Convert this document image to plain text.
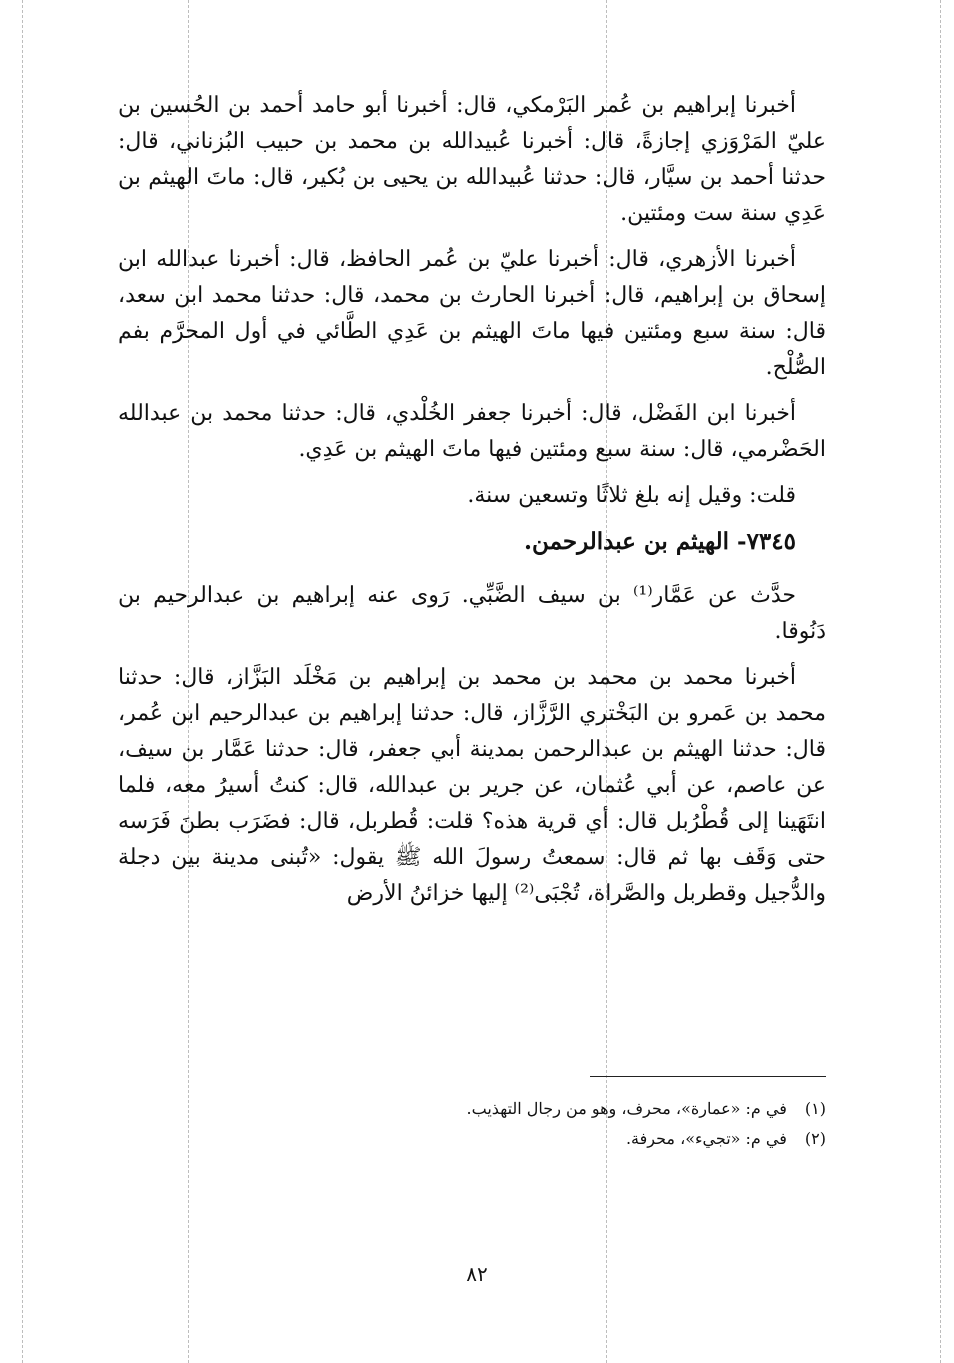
أخبرنا إبراهيم بن عُمر البَرْمكي، قال: أخبرنا أبو حامد أحمد بن الحُسين بن عليّ المَرْوَزي إجازةً، قال: أخبرنا عُبيدالله بن محمد بن حبيب البُزناني، قال: حدثنا أحمد بن سيَّار، قال: حدثنا عُبيدالله بن يحيى بن بُكير، قال: ماتَ الهيثم بن عَدِي سنة ست ومئتين.

أخبرنا الأزهري، قال: أخبرنا عليّ بن عُمر الحافظ، قال: أخبرنا عبدالله ابن إسحاق بن إبراهيم، قال: أخبرنا الحارث بن محمد، قال: حدثنا محمد ابن سعد، قال: سنة سبع ومئتين فيها ماتَ الهيثم بن عَدِي الطَّائي في أول المحرَّم بفم الصُّلْح.

أخبرنا ابن الفَضْل، قال: أخبرنا جعفر الخُلْدي، قال: حدثنا محمد بن عبدالله الحَضْرمي، قال: سنة سبع ومئتين فيها ماتَ الهيثم بن عَدِي.

قلت: وقيل إنه بلغ ثلاثًا وتسعين سنة.

٧٣٤٥- الهيثم بن عبدالرحمن.

حدَّث عن عَمَّار⁽¹⁾ بن سيف الضَّبِّي. رَوى عنه إبراهيم بن عبدالرحيم بن دَنُوقا.

أخبرنا محمد بن محمد بن محمد بن إبراهيم بن مَخْلَد البَزَّاز، قال: حدثنا محمد بن عَمرو بن البَخْتري الرَّزَّاز، قال: حدثنا إبراهيم بن عبدالرحيم ابن عُمر، قال: حدثنا الهيثم بن عبدالرحمن بمدينة أبي جعفر، قال: حدثنا عَمَّار بن سيف، عن عاصم، عن أبي عُثمان، عن جرير بن عبدالله، قال: كنتُ أسيرُ معه، فلما انتَهَينا إلى قُطْرُبل قال: أي قرية هذه؟ قلت: قُطربل، قال: فضَرَب بطنَ فَرَسه حتى وَقَف بها ثم قال: سمعتُ رسولَ الله ﷺ يقول: «تُبنى مدينة بين دجلة والدُّجيل وقطربل والصَّراة، تُجْبَى⁽²⁾ إليها خزائنُ الأرض

(١)
في م: «عمارة»، محرف، وهو من رجال التهذيب.
(٢)
في م: «تجيء»، محرفة.
٨٢
